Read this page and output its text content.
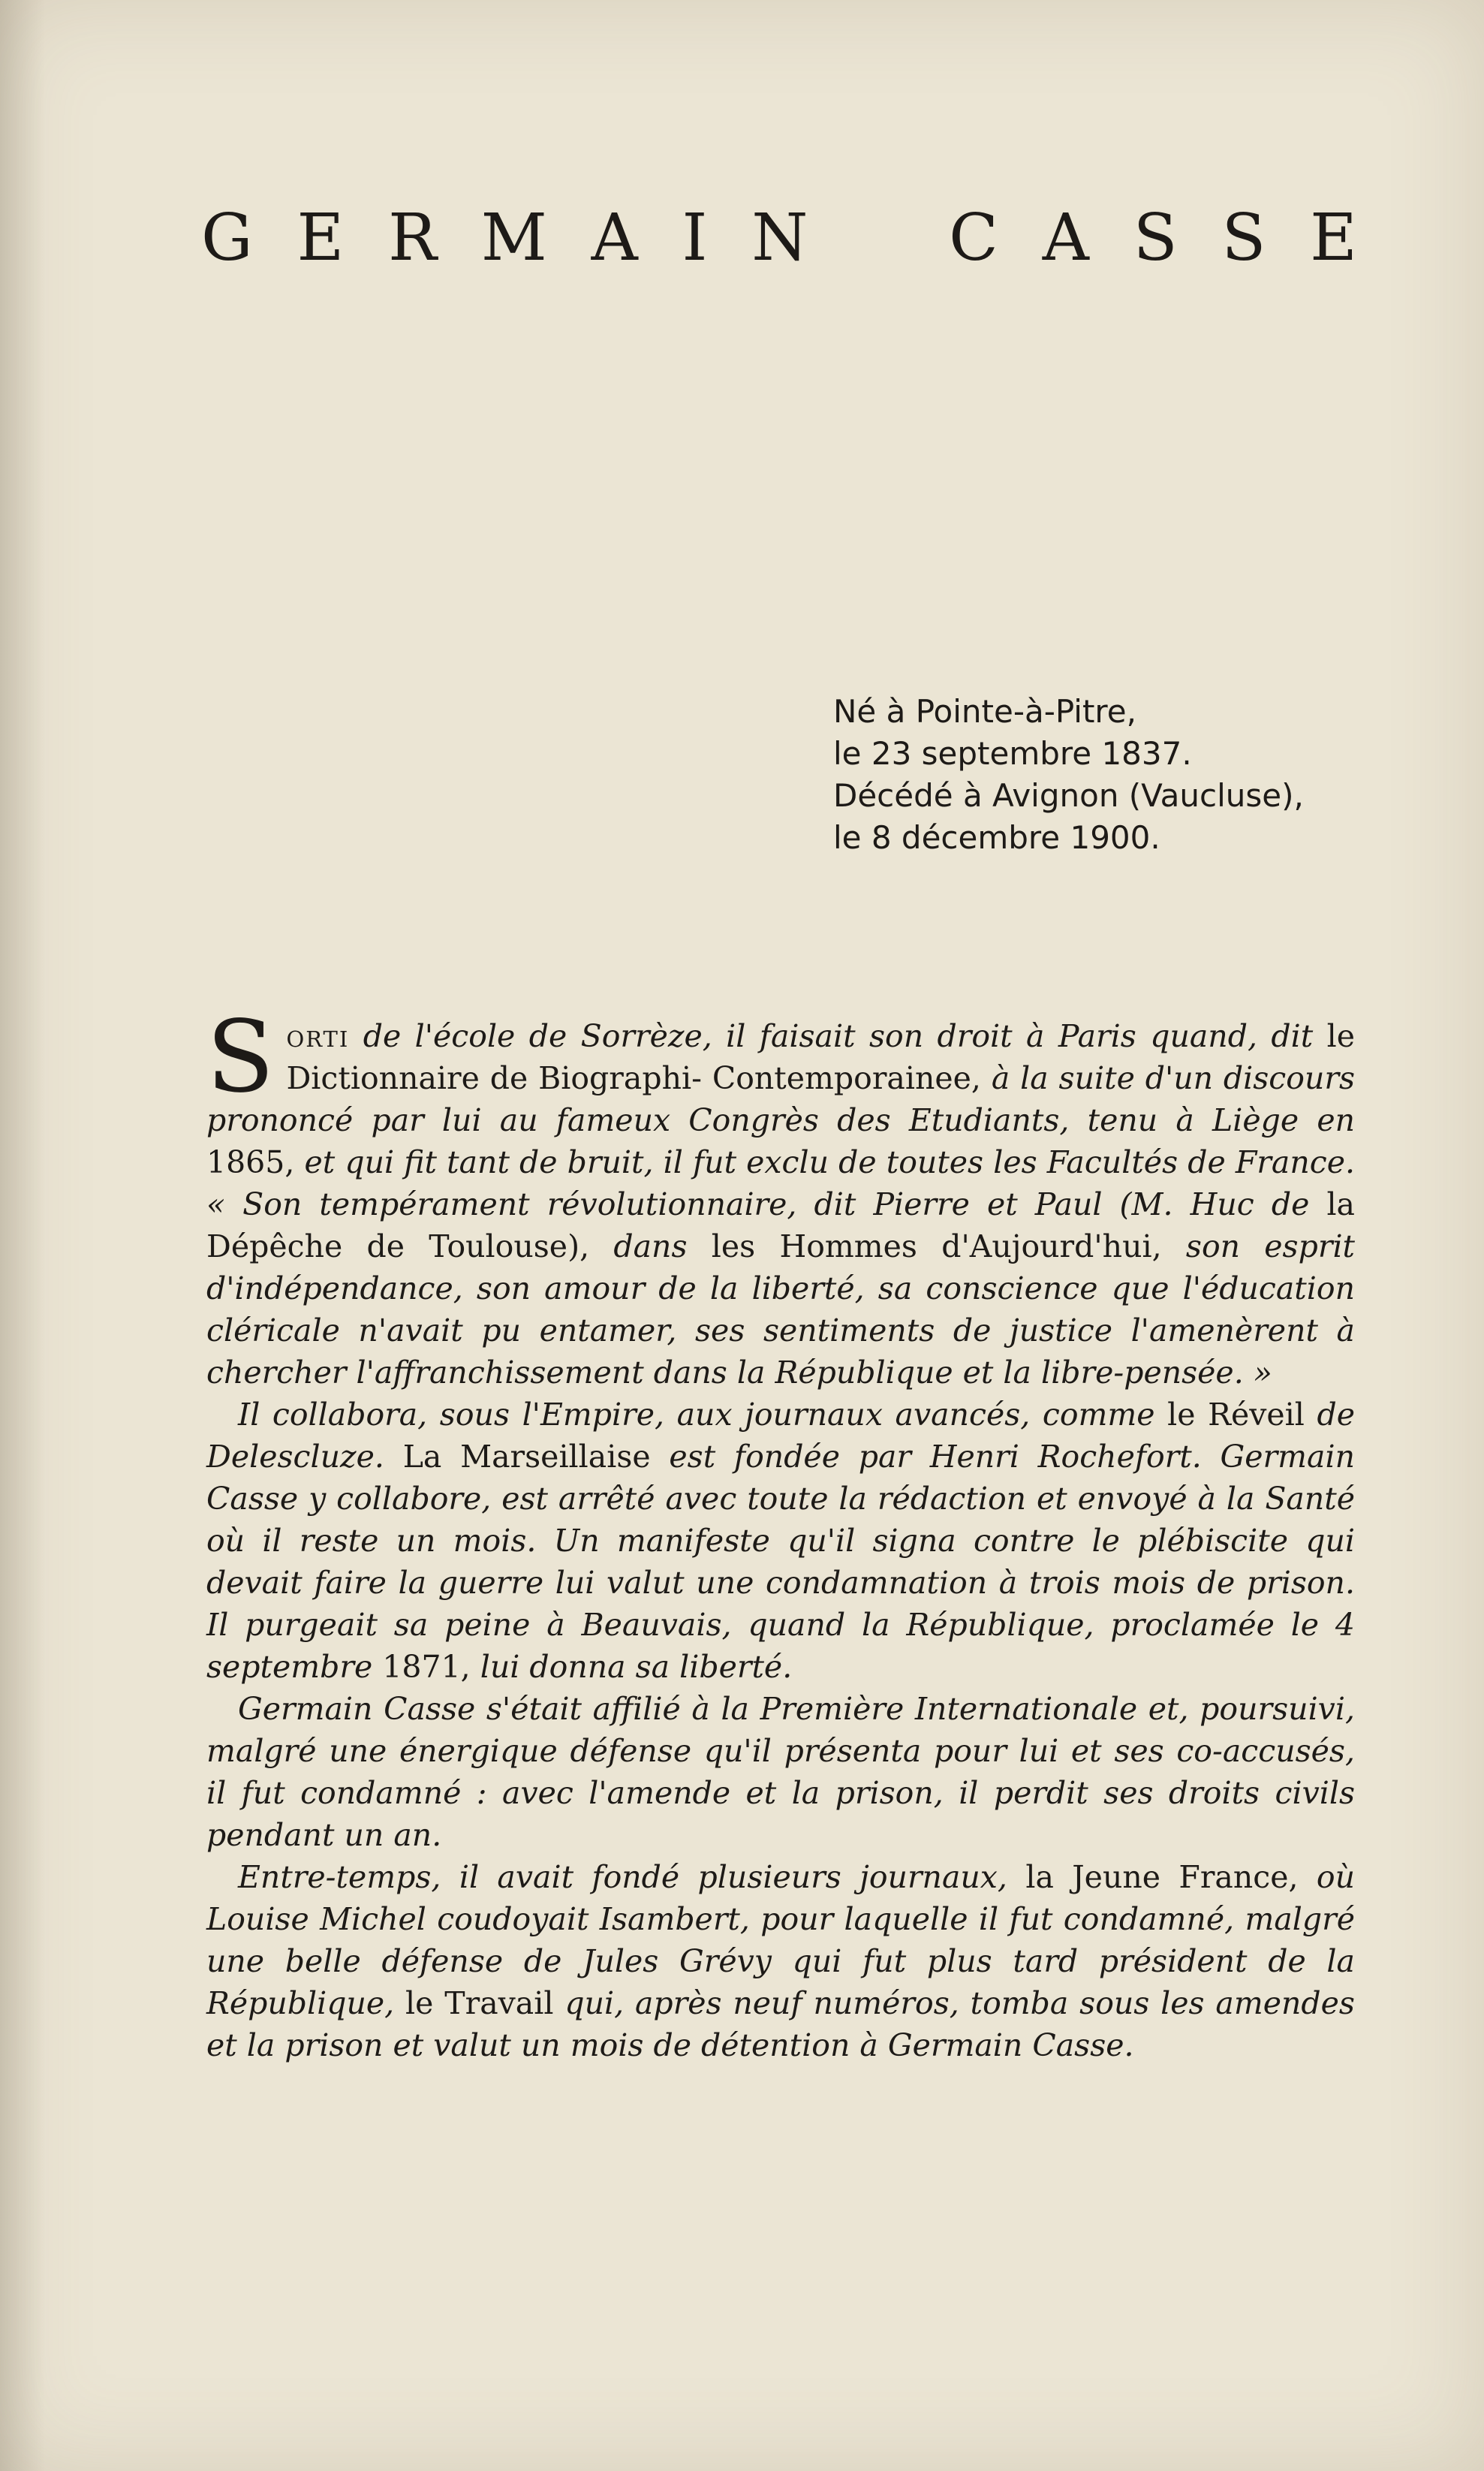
G E R M A I N C A S S E
Né à Pointe-à-Pitre,
le 23 septembre 1837.
Décédé à Avignon (Vaucluse),
le 8 décembre 1900.

Sorti de l'école de Sorrèze, il faisait son droit à Paris quand, dit le Dictionnaire de Biographi- Contemporainee, à la suite d'un discours prononcé par lui au fameux Congrès des Etudiants, tenu à Liège en 1865, et qui fit tant de bruit, il fut exclu de toutes les Facultés de France. « Son tempérament révolutionnaire, dit Pierre et Paul (M. Huc de la Dépêche de Toulouse), dans les Hommes d'Aujourd'hui, son esprit d'indépendance, son amour de la liberté, sa conscience que l'éducation cléricale n'avait pu entamer, ses sentiments de justice l'amenèrent à chercher l'affranchissement dans la République et la libre-pensée. »

Il collabora, sous l'Empire, aux journaux avancés, comme le Réveil de Delescluze. La Marseillaise est fondée par Henri Rochefort. Germain Casse y collabore, est arrêté avec toute la rédaction et envoyé à la Santé où il reste un mois. Un manifeste qu'il signa contre le plébiscite qui devait faire la guerre lui valut une condamnation à trois mois de prison. Il purgeait sa peine à Beauvais, quand la République, proclamée le 4 septembre 1871, lui donna sa liberté.

Germain Casse s'était affilié à la Première Internationale et, poursuivi, malgré une énergique défense qu'il présenta pour lui et ses co-accusés, il fut condamné : avec l'amende et la prison, il perdit ses droits civils pendant un an.

Entre-temps, il avait fondé plusieurs journaux, la Jeune France, où Louise Michel coudoyait Isambert, pour laquelle il fut condamné, malgré une belle défense de Jules Grévy qui fut plus tard président de la République, le Travail qui, après neuf numéros, tomba sous les amendes et la prison et valut un mois de détention à Germain Casse.
